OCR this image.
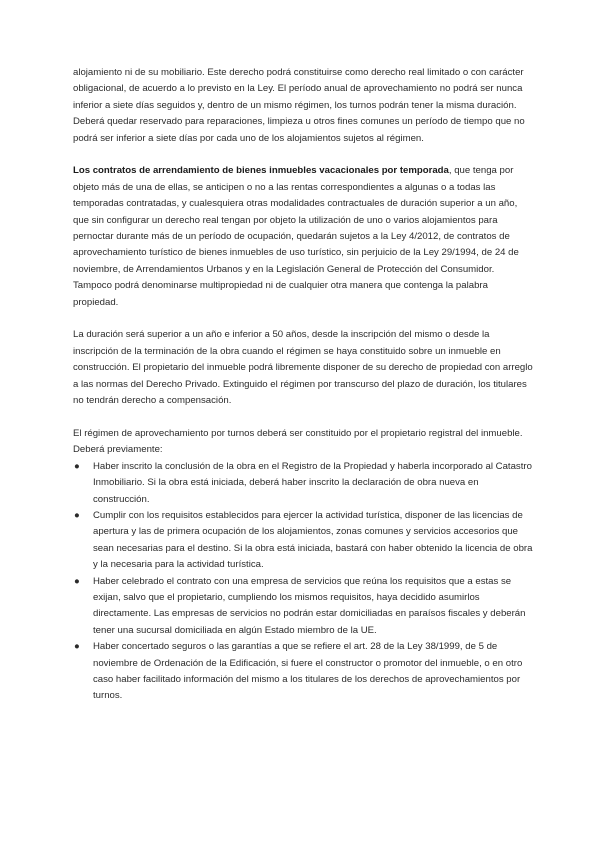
alojamiento ni de su mobiliario. Este derecho podrá constituirse como derecho real limitado o con carácter obligacional, de acuerdo a lo previsto en la Ley. El período anual de aprovechamiento no podrá ser nunca inferior a siete días seguidos y, dentro de un mismo régimen, los turnos podrán tener la misma duración. Deberá quedar reservado para reparaciones, limpieza u otros fines comunes un período de tiempo que no podrá ser inferior a siete días por cada uno de los alojamientos sujetos al régimen.

Los contratos de arrendamiento de bienes inmuebles vacacionales por temporada, que tenga por objeto más de una de ellas, se anticipen o no a las rentas correspondientes a algunas o a todas las temporadas contratadas, y cualesquiera otras modalidades contractuales de duración superior a un año, que sin configurar un derecho real tengan por objeto la utilización de uno o varios alojamientos para pernoctar durante más de un período de ocupación, quedarán sujetos a la Ley 4/2012, de contratos de aprovechamiento turístico de bienes inmuebles de uso turístico, sin perjuicio de la Ley 29/1994, de 24 de noviembre, de Arrendamientos Urbanos y en la Legislación General de Protección del Consumidor. Tampoco podrá denominarse multipropiedad ni de cualquier otra manera que contenga la palabra propiedad.

La duración será superior a un año e inferior a 50 años, desde la inscripción del mismo o desde la inscripción de la terminación de la obra cuando el régimen se haya constituido sobre un inmueble en construcción. El propietario del inmueble podrá libremente disponer de su derecho de propiedad con arreglo a las normas del Derecho Privado. Extinguido el régimen por transcurso del plazo de duración, los titulares no tendrán derecho a compensación.

El régimen de aprovechamiento por turnos deberá ser constituido por el propietario registral del inmueble. Deberá previamente:

●	Haber inscrito la conclusión de la obra en el Registro de la Propiedad y haberla incorporado al Catastro Inmobiliario. Si la obra está iniciada, deberá haber inscrito la declaración de obra nueva en construcción.
●	Cumplir con los requisitos establecidos para ejercer la actividad turística, disponer de las licencias de apertura y las de primera ocupación de los alojamientos, zonas comunes y servicios accesorios que sean necesarias para el destino. Si la obra está iniciada, bastará con haber obtenido la licencia de obra y la necesaria para la actividad turística.
●	Haber celebrado el contrato con una empresa de servicios que reúna los requisitos que a estas se exijan, salvo que el propietario, cumpliendo los mismos requisitos, haya decidido asumirlos directamente. Las empresas de servicios no podrán estar domiciliadas en paraísos fiscales y deberán tener una sucursal domiciliada en algún Estado miembro de la UE.
●	Haber concertado seguros o las garantías a que se refiere el art. 28 de la Ley 38/1999, de 5 de noviembre de Ordenación de la Edificación, si fuere el constructor o promotor del inmueble, o en otro caso haber facilitado información del mismo a los titulares de los derechos de aprovechamientos por turnos.
